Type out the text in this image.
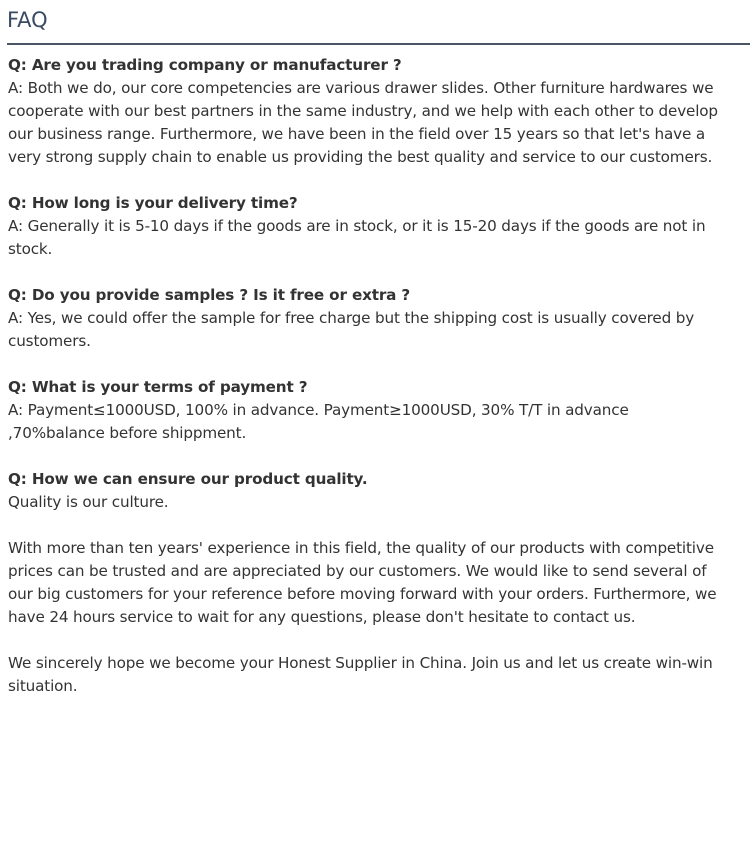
FAQ
Q: Are you trading company or manufacturer ?
A: Both we do, our core competencies are various drawer slides. Other furniture hardwares we cooperate with our best partners in the same industry, and we help with each other to develop our business range. Furthermore, we have been in the field over 15 years so that let's have a very strong supply chain to enable us providing the best quality and service to our customers.
Q: How long is your delivery time?
A: Generally it is 5-10 days if the goods are in stock, or it is 15-20 days if the goods are not in stock.
Q: Do you provide samples ? Is it free or extra ?
A: Yes, we could offer the sample for free charge but the shipping cost is usually covered by customers.
Q: What is your terms of payment ?
A: Payment≤1000USD, 100% in advance. Payment≥1000USD, 30% T/T in advance ,70%balance before shippment.
Q: How we can ensure our product quality.
Quality is our culture.
With more than ten years' experience in this field, the quality of our products with competitive prices can be trusted and are appreciated by our customers. We would like to send several of our big customers for your reference before moving forward with your orders. Furthermore, we have 24 hours service to wait for any questions, please don't hesitate to contact us.
We sincerely hope we become your Honest Supplier in China. Join us and let us create win-win situation.
